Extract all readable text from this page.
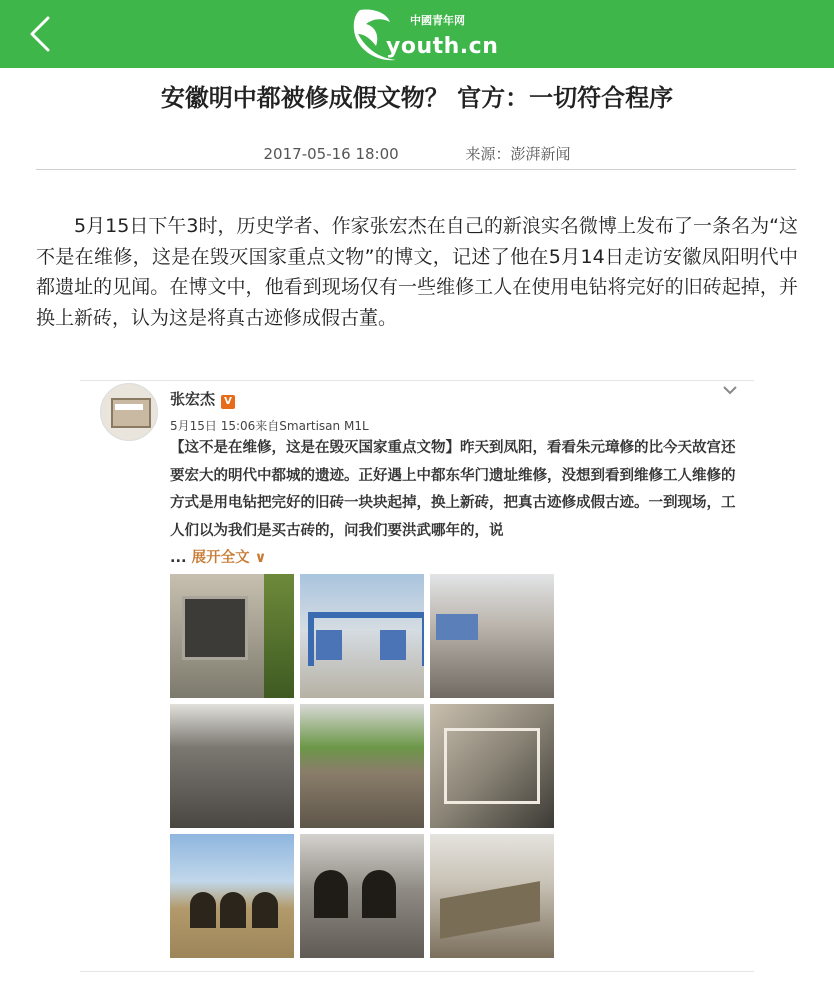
中國青年网
youth.cn
安徽明中都被修成假文物？ 官方：一切符合程序
2017-05-16 18:00	来源：澎湃新闻
5月15日下午3时，历史学者、作家张宏杰在自己的新浪实名微博上发布了一条名为“这不是在维修，这是在毁灭国家重点文物”的博文，记述了他在5月14日走访安徽凤阳明代中都遗址的见闻。在博文中，他看到现场仅有一些维修工人在使用电钻将完好的旧砖起掉，并换上新砖，认为这是将真古迹修成假古董。
张宏杰 V
5月15日 15:06来自Smartisan M1L
【这不是在维修，这是在毁灭国家重点文物】昨天到凤阳，看看朱元璋修的比今天故宫还要宏大的明代中都城的遗迹。正好遇上中都东华门遗址维修，没想到看到维修工人维修的方式是用电钻把完好的旧砖一块块起掉，换上新砖，把真古迹修成假古迹。一到现场，工人们以为我们是买古砖的，问我们要洪武哪年的，说
... 展开全文 ∨
